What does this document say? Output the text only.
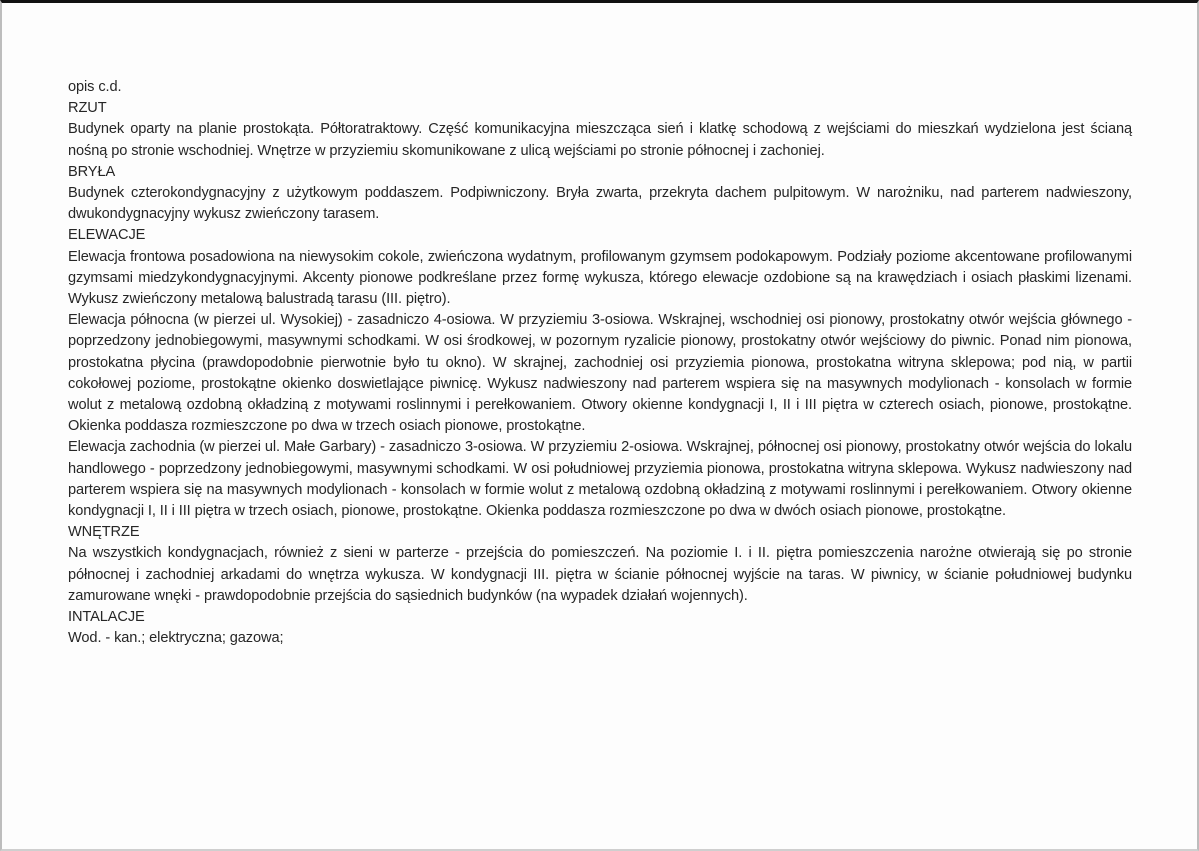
opis c.d.

RZUT

Budynek oparty na planie prostokąta. Półtoratraktowy. Część komunikacyjna mieszcząca sień i klatkę schodową z wejściami do mieszkań wydzielona jest ścianą nośną po stronie wschodniej. Wnętrze w przyziemiu skomunikowane z ulicą wejściami po stronie północnej i zachoniej.

BRYŁA

Budynek czterokondygnacyjny z użytkowym poddaszem. Podpiwniczony. Bryła zwarta, przekryta dachem pulpitowym. W narożniku, nad parterem nadwieszony, dwukondygnacyjny wykusz zwieńczony tarasem.

ELEWACJE

Elewacja frontowa posadowiona na niewysokim cokole, zwieńczona wydatnym, profilowanym gzymsem podokapowym. Podziały poziome akcentowane profilowanymi gzymsami miedzykondygnacyjnymi. Akcenty pionowe podkreślane przez formę wykusza, którego elewacje ozdobione są na krawędziach i osiach płaskimi lizenami. Wykusz zwieńczony metalową balustradą tarasu (III. piętro).

Elewacja północna (w pierzei ul. Wysokiej) - zasadniczo 4-osiowa. W przyziemiu 3-osiowa. Wskrajnej, wschodniej osi pionowy, prostokatny otwór wejścia głównego - poprzedzony jednobiegowymi, masywnymi schodkami. W osi środkowej, w pozornym ryzalicie pionowy, prostokatny otwór wejściowy do piwnic. Ponad nim pionowa, prostokatna płycina (prawdopodobnie pierwotnie było tu okno). W skrajnej, zachodniej osi przyziemia pionowa, prostokatna witryna sklepowa; pod nią, w partii cokołowej poziome, prostokątne okienko doswietlające piwnicę. Wykusz nadwieszony nad parterem wspiera się na masywnych modylionach - konsolach w formie wolut z metalową ozdobną okładziną z motywami roslinnymi i perełkowaniem. Otwory okienne kondygnacji I, II i III piętra w czterech osiach, pionowe, prostokątne. Okienka poddasza rozmieszczone po dwa w trzech osiach pionowe, prostokątne.

Elewacja zachodnia (w pierzei ul. Małe Garbary) - zasadniczo 3-osiowa. W przyziemiu 2-osiowa. Wskrajnej, północnej osi pionowy, prostokatny otwór wejścia do lokalu handlowego - poprzedzony jednobiegowymi, masywnymi schodkami. W osi południowej przyziemia pionowa, prostokatna witryna sklepowa. Wykusz nadwieszony nad parterem wspiera się na masywnych modylionach - konsolach w formie wolut z metalową ozdobną okładziną z motywami roslinnymi i perełkowaniem. Otwory okienne kondygnacji I, II i III piętra w trzech osiach, pionowe, prostokątne. Okienka poddasza rozmieszczone po dwa w dwóch osiach pionowe, prostokątne.

WNĘTRZE

Na wszystkich kondygnacjach, również z sieni w parterze - przejścia do pomieszczeń. Na poziomie I. i II. piętra pomieszczenia narożne otwierają się po stronie północnej i zachodniej arkadami do wnętrza wykusza. W kondygnacji III. piętra w ścianie północnej wyjście na taras. W piwnicy, w ścianie południowej budynku zamurowane wnęki - prawdopodobnie przejścia do sąsiednich budynków (na wypadek działań wojennych).

INTALACJE

Wod. - kan.; elektryczna; gazowa;
